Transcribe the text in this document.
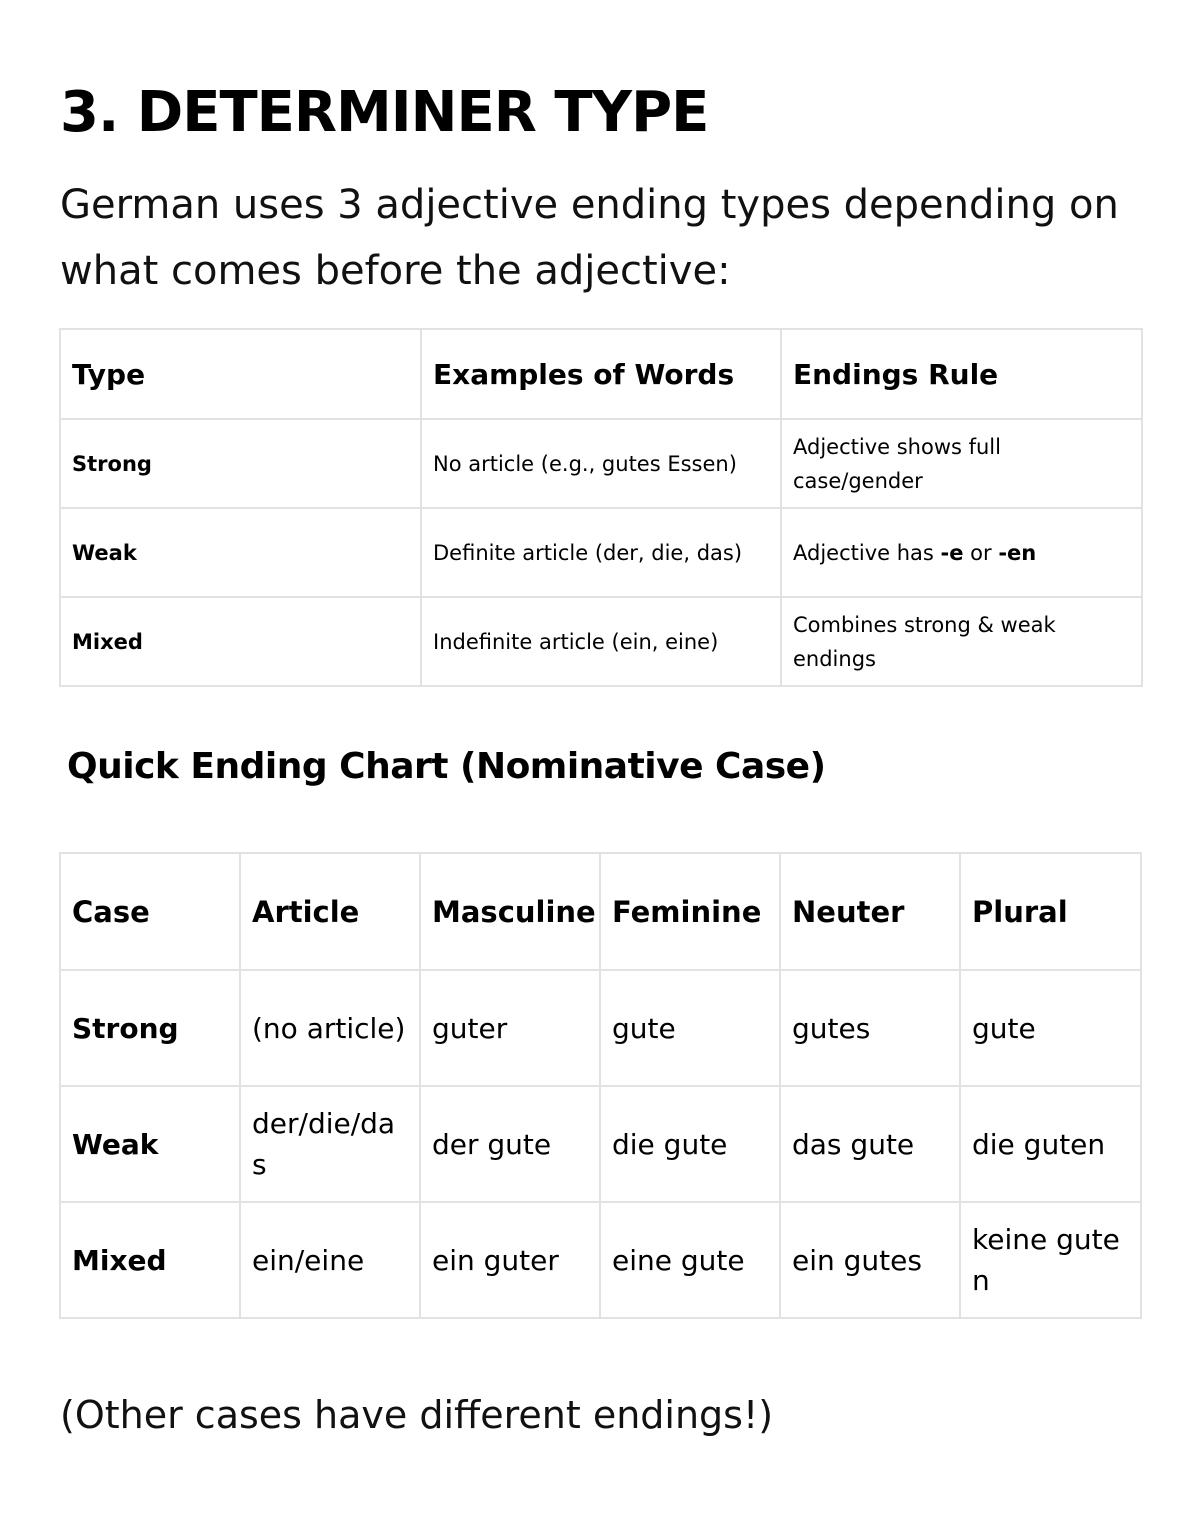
3. DETERMINER TYPE

German uses 3 adjective ending types depending on what comes before the adjective:

Type	Examples of Words	Endings Rule
Strong	No article (e.g., gutes Essen)	Adjective shows full case/gender
Weak	Definite article (der, die, das)	Adjective has -e or -en
Mixed	Indefinite article (ein, eine)	Combines strong & weak endings
Quick Ending Chart (Nominative Case)
Case	Article	Masculine	Feminine	Neuter	Plural
Strong	(no article)	guter	gute	gutes	gute
Weak	der/die/das	der gute	die gute	das gute	die guten
Mixed	ein/eine	ein guter	eine gute	ein gutes	keine guten

(Other cases have different endings!)
